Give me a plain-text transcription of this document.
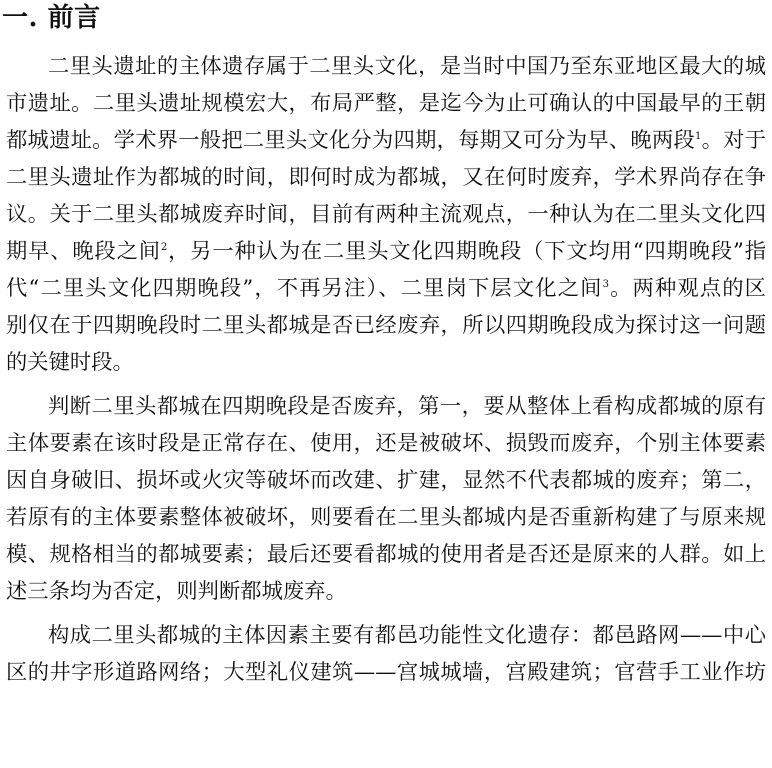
一. 前言
二里头遗址的主体遗存属于二里头文化，是当时中国乃至东亚地区最大的城
市遗址。二里头遗址规模宏大，布局严整，是迄今为止可确认的中国最早的王朝
都城遗址。学术界一般把二里头文化分为四期，每期又可分为早、晚两段$^1$。对于
二里头遗址作为都城的时间，即何时成为都城，又在何时废弃，学术界尚存在争
议。关于二里头都城废弃时间，目前有两种主流观点，一种认为在二里头文化四
期早、晚段之间$^2$，另一种认为在二里头文化四期晚段（下文均用“四期晚段”指
代“二里头文化四期晚段”，不再另注）、二里岗下层文化之间$^3$。两种观点的区
别仅在于四期晚段时二里头都城是否已经废弃，所以四期晚段成为探讨这一问题
的关键时段。
判断二里头都城在四期晚段是否废弃，第一，要从整体上看构成都城的原有
主体要素在该时段是正常存在、使用，还是被破坏、损毁而废弃，个别主体要素
因自身破旧、损坏或火灾等破坏而改建、扩建，显然不代表都城的废弃；第二，
若原有的主体要素整体被破坏，则要看在二里头都城内是否重新构建了与原来规
模、规格相当的都城要素；最后还要看都城的使用者是否还是原来的人群。如上
述三条均为否定，则判断都城废弃。
构成二里头都城的主体因素主要有都邑功能性文化遗存：都邑路网——中心
区的井字形道路网络；大型礼仪建筑——宫城城墙，宫殿建筑；官营手工业作坊
